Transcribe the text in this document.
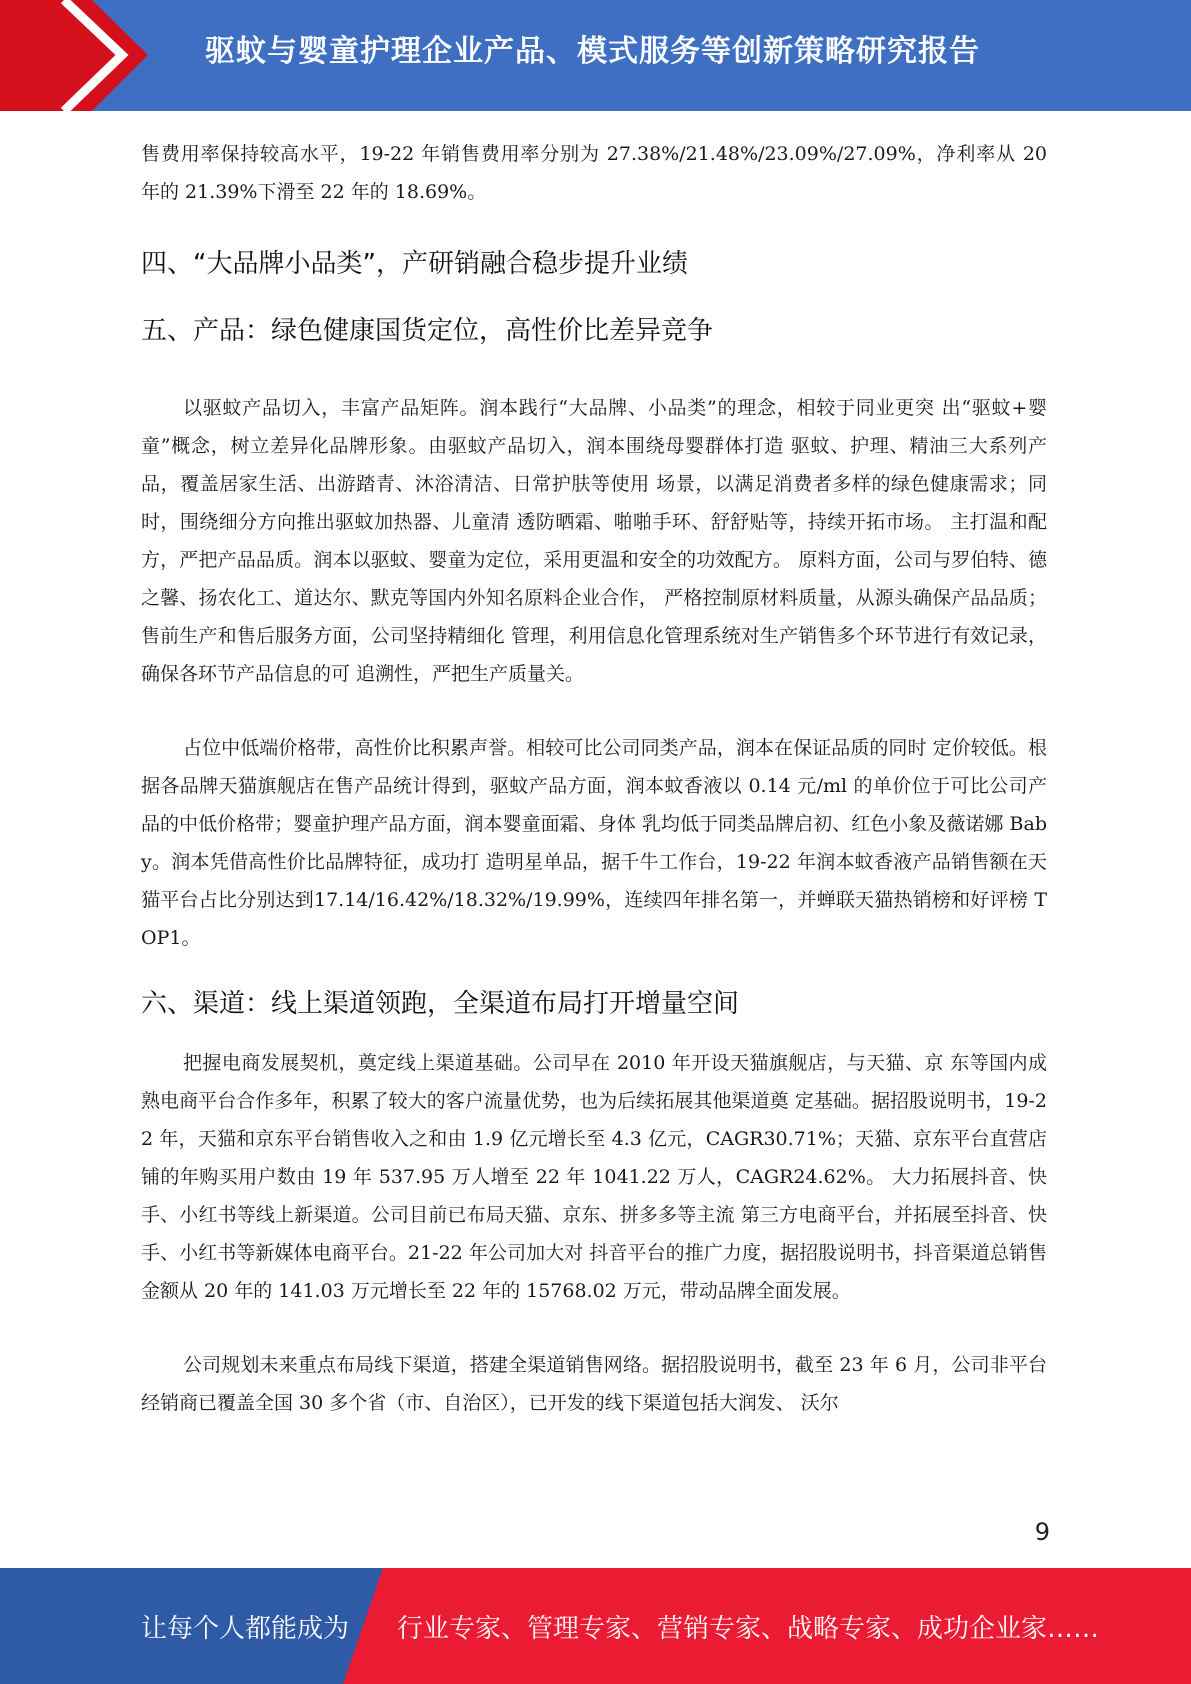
驱蚊与婴童护理企业产品、模式服务等创新策略研究报告

售费用率保持较高水平，19-22 年销售费用率分别为 27.38%/21.48%/23.09%/27.09%，净利率从 20 年的 21.39%下滑至 22 年的 18.69%。

四、“大品牌小品类”，产研销融合稳步提升业绩
五、产品：绿色健康国货定位，高性价比差异竞争

以驱蚊产品切入，丰富产品矩阵。润本践行“大品牌、小品类”的理念，相较于同业更突 出“驱蚊+婴童”概念，树立差异化品牌形象。由驱蚊产品切入，润本围绕母婴群体打造 驱蚊、护理、精油三大系列产品，覆盖居家生活、出游踏青、沐浴清洁、日常护肤等使用 场景，以满足消费者多样的绿色健康需求；同时，围绕细分方向推出驱蚊加热器、儿童清 透防晒霜、啪啪手环、舒舒贴等，持续开拓市场。 主打温和配方，严把产品品质。润本以驱蚊、婴童为定位，采用更温和安全的功效配方。 原料方面，公司与罗伯特、德之馨、扬农化工、道达尔、默克等国内外知名原料企业合作， 严格控制原材料质量，从源头确保产品品质；售前生产和售后服务方面，公司坚持精细化 管理，利用信息化管理系统对生产销售多个环节进行有效记录，确保各环节产品信息的可 追溯性，严把生产质量关。

占位中低端价格带，高性价比积累声誉。相较可比公司同类产品，润本在保证品质的同时 定价较低。根据各品牌天猫旗舰店在售产品统计得到，驱蚊产品方面，润本蚊香液以 0.14 元/ml 的单价位于可比公司产品的中低价格带；婴童护理产品方面，润本婴童面霜、身体 乳均低于同类品牌启初、红色小象及薇诺娜 Baby。润本凭借高性价比品牌特征，成功打 造明星单品，据千牛工作台，19-22 年润本蚊香液产品销售额在天猫平台占比分别达到17.14/16.42%/18.32%/19.99%，连续四年排名第一，并蝉联天猫热销榜和好评榜 TOP1。

六、渠道：线上渠道领跑，全渠道布局打开增量空间

把握电商发展契机，奠定线上渠道基础。公司早在 2010 年开设天猫旗舰店，与天猫、京 东等国内成熟电商平台合作多年，积累了较大的客户流量优势，也为后续拓展其他渠道奠 定基础。据招股说明书，19-22 年，天猫和京东平台销售收入之和由 1.9 亿元增长至 4.3 亿元，CAGR30.71%；天猫、京东平台直营店铺的年购买用户数由 19 年 537.95 万人增至 22 年 1041.22 万人，CAGR24.62%。 大力拓展抖音、快手、小红书等线上新渠道。公司目前已布局天猫、京东、拼多多等主流 第三方电商平台，并拓展至抖音、快手、小红书等新媒体电商平台。21-22 年公司加大对 抖音平台的推广力度，据招股说明书，抖音渠道总销售金额从 20 年的 141.03 万元增长至 22 年的 15768.02 万元，带动品牌全面发展。

公司规划未来重点布局线下渠道，搭建全渠道销售网络。据招股说明书，截至 23 年 6 月，公司非平台经销商已覆盖全国 30 多个省（市、自治区），已开发的线下渠道包括大润发、 沃尔

9
让每个人都能成为 行业专家、管理专家、营销专家、战略专家、成功企业家……
